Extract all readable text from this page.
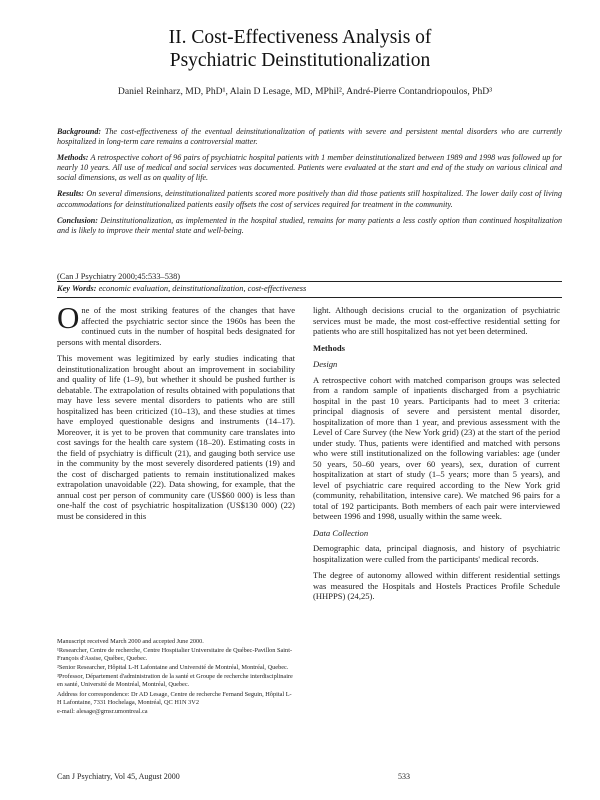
II. Cost-Effectiveness Analysis of
Psychiatric Deinstitutionalization
Daniel Reinharz, MD, PhD¹, Alain D Lesage, MD, MPhil², André-Pierre Contandriopoulos, PhD³

Background: The cost-effectiveness of the eventual deinstitutionalization of patients with severe and persistent mental disorders who are currently hospitalized in long-term care remains a controversial matter.

Methods: A retrospective cohort of 96 pairs of psychiatric hospital patients with 1 member deinstitutionalized between 1989 and 1998 was followed up for nearly 10 years. All use of medical and social services was documented. Patients were evaluated at the start and end of the study on various clinical and social dimensions, as well as on quality of life.

Results: On several dimensions, deinstitutionalized patients scored more positively than did those patients still hospitalized. The lower daily cost of living accommodations for deinstitutionalized patients easily offsets the cost of services required for treatment in the community.

Conclusion: Deinstitutionalization, as implemented in the hospital studied, remains for many patients a less costly option than continued hospitalization and is likely to improve their mental state and well-being.

(Can J Psychiatry 2000;45:533–538)
Key Words: economic evaluation, deinstitutionalization, cost-effectiveness

One of the most striking features of the changes that have affected the psychiatric sector since the 1960s has been the continued cuts in the number of hospital beds designated for persons with mental disorders.

This movement was legitimized by early studies indicating that deinstitutionalization brought about an improvement in sociability and quality of life (1–9), but whether it should be pushed further is debatable. The extrapolation of results obtained with populations that may have less severe mental disorders to patients who are still hospitalized has been criticized (10–13), and these studies at times have employed questionable designs and instruments (14–17). Moreover, it is yet to be proven that community care translates into cost savings for the health care system (18–20). Estimating costs in the field of psychiatry is difficult (21), and gauging both service use in the community by the most severely disordered patients (19) and the cost of discharged patients to remain institutionalized makes extrapolation unavoidable (22). Data showing, for example, that the annual cost per person of community care (US$60 000) is less than one-half the cost of psychiatric hospitalization (US$130 000) (22) must be considered in this

Manuscript received March 2000 and accepted June 2000.

¹Researcher, Centre de recherche, Centre Hospitalier Universitaire de Québec-Pavillon Saint-François d'Assise, Québec, Quebec.

²Senior Researcher, Hôpital L-H Lafontaine and Université de Montréal, Montréal, Quebec.

³Professor, Département d'administration de la santé et Groupe de recherche interdisciplinaire en santé, Université de Montréal, Montréal, Quebec.

Address for correspondence: Dr AD Lesage, Centre de recherche Fernand Seguin, Hôpital L-H Lafontaine, 7331 Hochelaga, Montréal, QC H1N 3V2

e-mail: alesage@grnsr.umontreal.ca

light. Although decisions crucial to the organization of psychiatric services must be made, the most cost-effective residential setting for patients who are still hospitalized has not yet been determined.

Methods
Design

A retrospective cohort with matched comparison groups was selected from a random sample of inpatients discharged from a psychiatric hospital in the past 10 years. Participants had to meet 3 criteria: principal diagnosis of severe and persistent mental disorder, hospitalization of more than 1 year, and previous assessment with the Level of Care Survey (the New York grid) (23) at the start of the period under study. Thus, patients were identified and matched with persons who were still institutionalized on the following variables: age (under 50 years, 50–60 years, over 60 years), sex, duration of current hospitalization at start of study (1–5 years; more than 5 years), and level of psychiatric care required according to the New York grid (community, rehabilitation, intensive care). We matched 96 pairs for a total of 192 participants. Both members of each pair were interviewed between 1996 and 1998, usually within the same week.

Data Collection

Demographic data, principal diagnosis, and history of psychiatric hospitalization were culled from the participants' medical records.

The degree of autonomy allowed within different residential settings was measured the Hospitals and Hostels Practices Profile Schedule (HHPPS) (24,25).

Can J Psychiatry, Vol 45, August 2000	533
